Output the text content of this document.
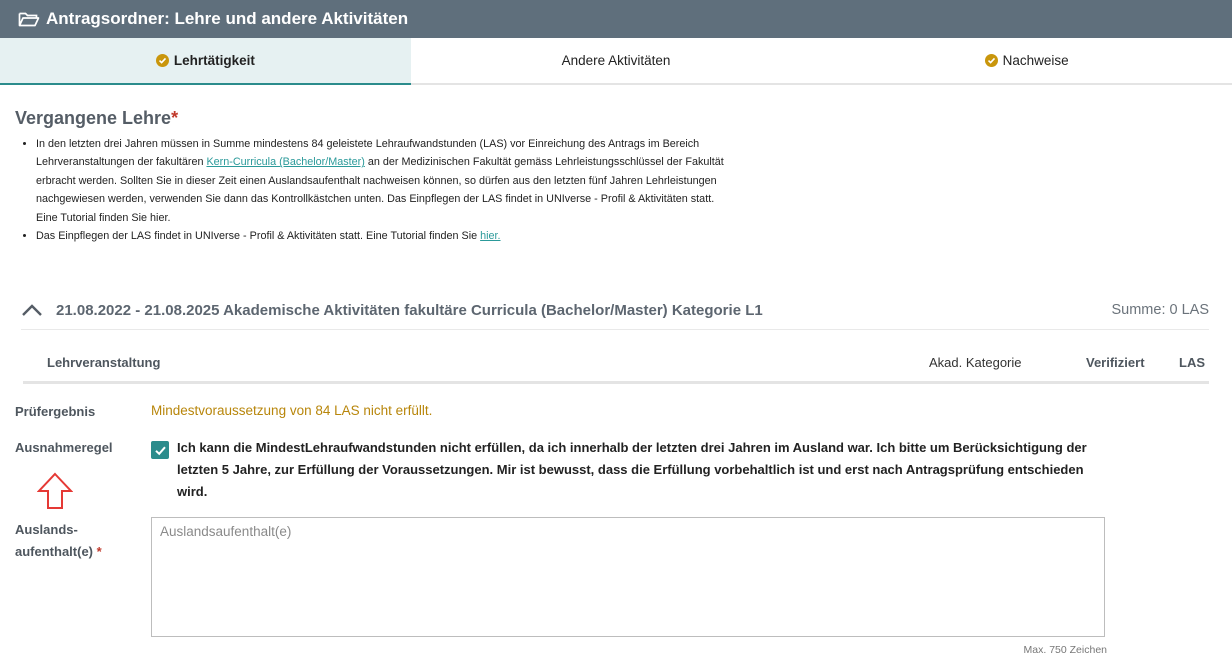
Antragsordner: Lehre und andere Aktivitäten
Lehrtätigkeit	Andere Aktivitäten	Nachweise
Vergangene Lehre*
• In den letzten drei Jahren müssen in Summe mindestens 84 geleistete Lehraufwandstunden (LAS) vor Einreichung des Antrags im Bereich Lehrveranstaltungen der fakultären Kern-Curricula (Bachelor/Master) an der Medizinischen Fakultät gemäss Lehrleistungsschlüssel der Fakultät erbracht werden. Sollten Sie in dieser Zeit einen Auslandsaufenthalt nachweisen können, so dürfen aus den letzten fünf Jahren Lehrleistungen nachgewiesen werden, verwenden Sie dann das Kontrollkästchen unten. Das Einpflegen der LAS findet in UNIverse - Profil & Aktivitäten statt. Eine Tutorial finden Sie hier.
• Das Einpflegen der LAS findet in UNIverse - Profil & Aktivitäten statt. Eine Tutorial finden Sie hier.
21.08.2022 - 21.08.2025 Akademische Aktivitäten fakultäre Curricula (Bachelor/Master) Kategorie L1	Summe: 0 LAS
Lehrveranstaltung	Akad. Kategorie	Verifiziert	LAS
Prüfergebnis	Mindestvoraussetzung von 84 LAS nicht erfüllt.
Ausnahmeregel	Ich kann die MindestLehraufwandstunden nicht erfüllen, da ich innerhalb der letzten drei Jahren im Ausland war. Ich bitte um Berücksichtigung der letzten 5 Jahre, zur Erfüllung der Voraussetzungen. Mir ist bewusst, dass die Erfüllung vorbehaltlich ist und erst nach Antragsprüfung entschieden wird.
Auslands-
aufenthalt(e) *
Auslandsaufenthalt(e)
Max. 750 Zeichen
